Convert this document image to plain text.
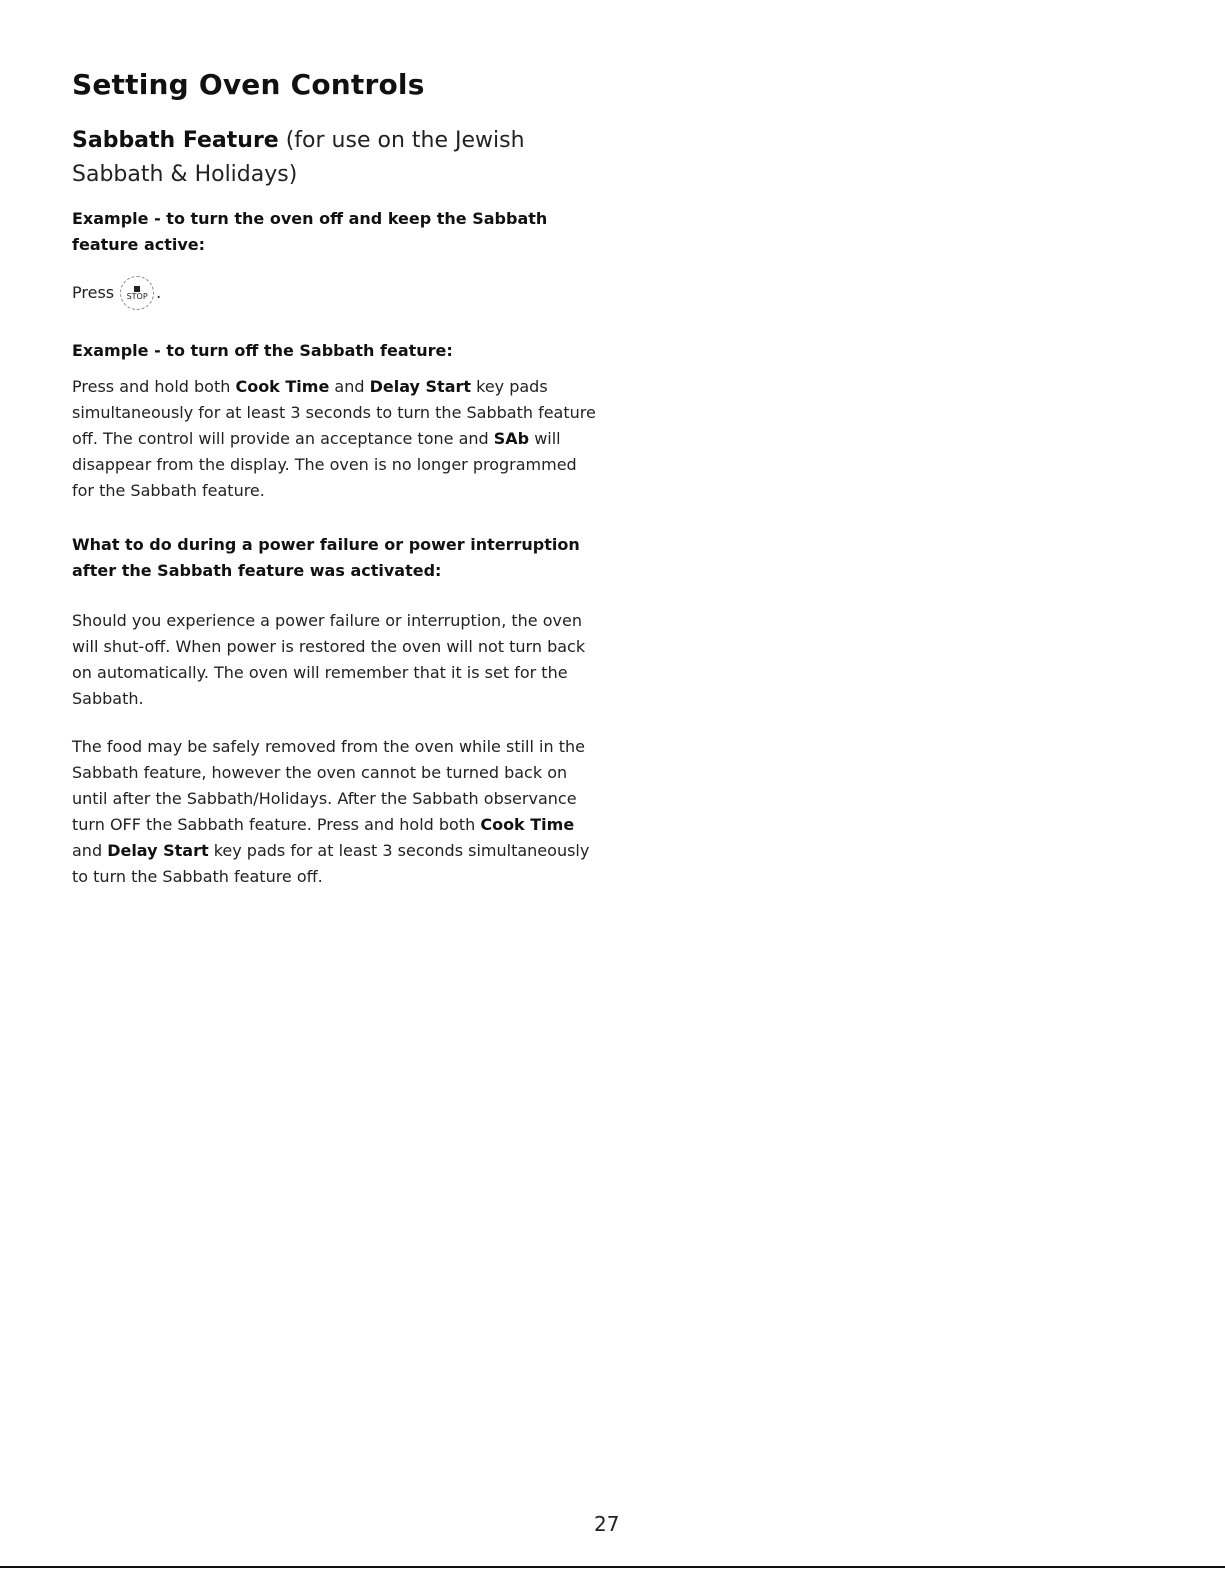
Setting Oven Controls
Sabbath Feature (for use on the Jewish Sabbath & Holidays)
Example - to turn the oven off and keep the Sabbath feature active:

Press STOP .

Example - to turn off the Sabbath feature:

Press and hold both Cook Time and Delay Start key pads simultaneously for at least 3 seconds to turn the Sabbath feature off. The control will provide an acceptance tone and SAb will disappear from the display. The oven is no longer programmed for the Sabbath feature.

What to do during a power failure or power interruption after the Sabbath feature was activated:

Should you experience a power failure or interruption, the oven will shut-off. When power is restored the oven will not turn back on automatically. The oven will remember that it is set for the Sabbath.

The food may be safely removed from the oven while still in the Sabbath feature, however the oven cannot be turned back on until after the Sabbath/Holidays. After the Sabbath observance turn OFF the Sabbath feature. Press and hold both Cook Time and Delay Start key pads for at least 3 seconds simultaneously to turn the Sabbath feature off.

27
